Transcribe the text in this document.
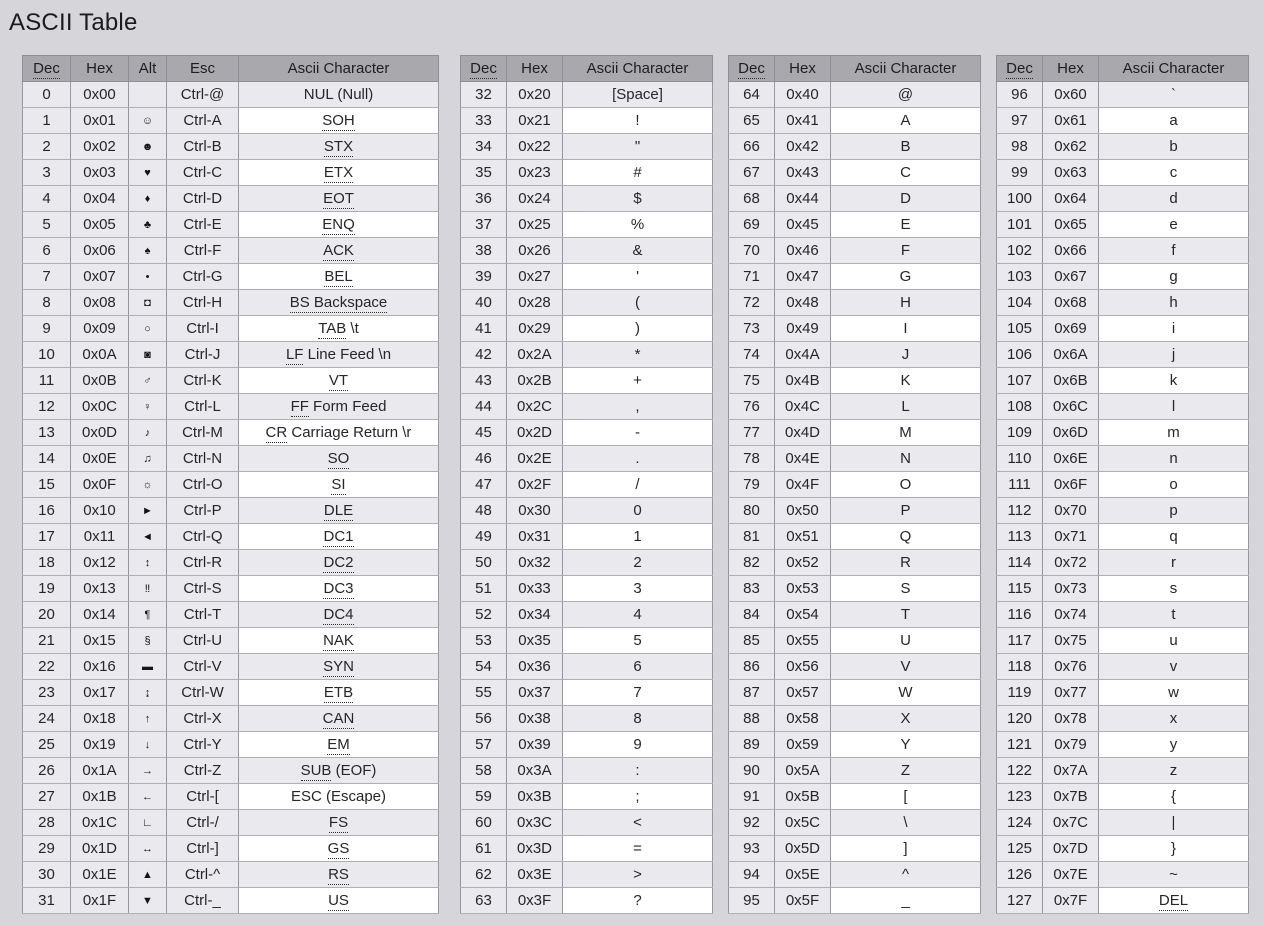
ASCII Table
Dec	Hex	Alt	Esc	Ascii Character
0	0x00		Ctrl-@	NUL (Null)
1	0x01	☺	Ctrl-A	SOH
2	0x02	☻	Ctrl-B	STX
3	0x03	♥	Ctrl-C	ETX
4	0x04	♦	Ctrl-D	EOT
5	0x05	♣	Ctrl-E	ENQ
6	0x06	♠	Ctrl-F	ACK
7	0x07	•	Ctrl-G	BEL
8	0x08	◘	Ctrl-H	BS Backspace
9	0x09	○	Ctrl-I	TAB \t
10	0x0A	◙	Ctrl-J	LF Line Feed \n
11	0x0B	♂	Ctrl-K	VT
12	0x0C	♀	Ctrl-L	FF Form Feed
13	0x0D	♪	Ctrl-M	CR Carriage Return \r
14	0x0E	♫	Ctrl-N	SO
15	0x0F	☼	Ctrl-O	SI
16	0x10	►	Ctrl-P	DLE
17	0x11	◄	Ctrl-Q	DC1
18	0x12	↕	Ctrl-R	DC2
19	0x13	‼	Ctrl-S	DC3
20	0x14	¶	Ctrl-T	DC4
21	0x15	§	Ctrl-U	NAK
22	0x16	▬	Ctrl-V	SYN
23	0x17	↨	Ctrl-W	ETB
24	0x18	↑	Ctrl-X	CAN
25	0x19	↓	Ctrl-Y	EM
26	0x1A	→	Ctrl-Z	SUB (EOF)
27	0x1B	←	Ctrl-[	ESC (Escape)
28	0x1C	∟	Ctrl-/	FS
29	0x1D	↔	Ctrl-]	GS
30	0x1E	▲	Ctrl-^	RS
31	0x1F	▼	Ctrl-_	US
Dec	Hex	Ascii Character
32	0x20	[Space]
33	0x21	!
34	0x22	"
35	0x23	#
36	0x24	$
37	0x25	%
38	0x26	&
39	0x27	'
40	0x28	(
41	0x29	)
42	0x2A	*
43	0x2B	+
44	0x2C	,
45	0x2D	-
46	0x2E	.
47	0x2F	/
48	0x30	0
49	0x31	1
50	0x32	2
51	0x33	3
52	0x34	4
53	0x35	5
54	0x36	6
55	0x37	7
56	0x38	8
57	0x39	9
58	0x3A	:
59	0x3B	;
60	0x3C	<
61	0x3D	=
62	0x3E	>
63	0x3F	?
Dec	Hex	Ascii Character
64	0x40	@
65	0x41	A
66	0x42	B
67	0x43	C
68	0x44	D
69	0x45	E
70	0x46	F
71	0x47	G
72	0x48	H
73	0x49	I
74	0x4A	J
75	0x4B	K
76	0x4C	L
77	0x4D	M
78	0x4E	N
79	0x4F	O
80	0x50	P
81	0x51	Q
82	0x52	R
83	0x53	S
84	0x54	T
85	0x55	U
86	0x56	V
87	0x57	W
88	0x58	X
89	0x59	Y
90	0x5A	Z
91	0x5B	[
92	0x5C	\
93	0x5D	]
94	0x5E	^
95	0x5F	_
Dec	Hex	Ascii Character
96	0x60	`
97	0x61	a
98	0x62	b
99	0x63	c
100	0x64	d
101	0x65	e
102	0x66	f
103	0x67	g
104	0x68	h
105	0x69	i
106	0x6A	j
107	0x6B	k
108	0x6C	l
109	0x6D	m
110	0x6E	n
111	0x6F	o
112	0x70	p
113	0x71	q
114	0x72	r
115	0x73	s
116	0x74	t
117	0x75	u
118	0x76	v
119	0x77	w
120	0x78	x
121	0x79	y
122	0x7A	z
123	0x7B	{
124	0x7C	|
125	0x7D	}
126	0x7E	~
127	0x7F	DEL
